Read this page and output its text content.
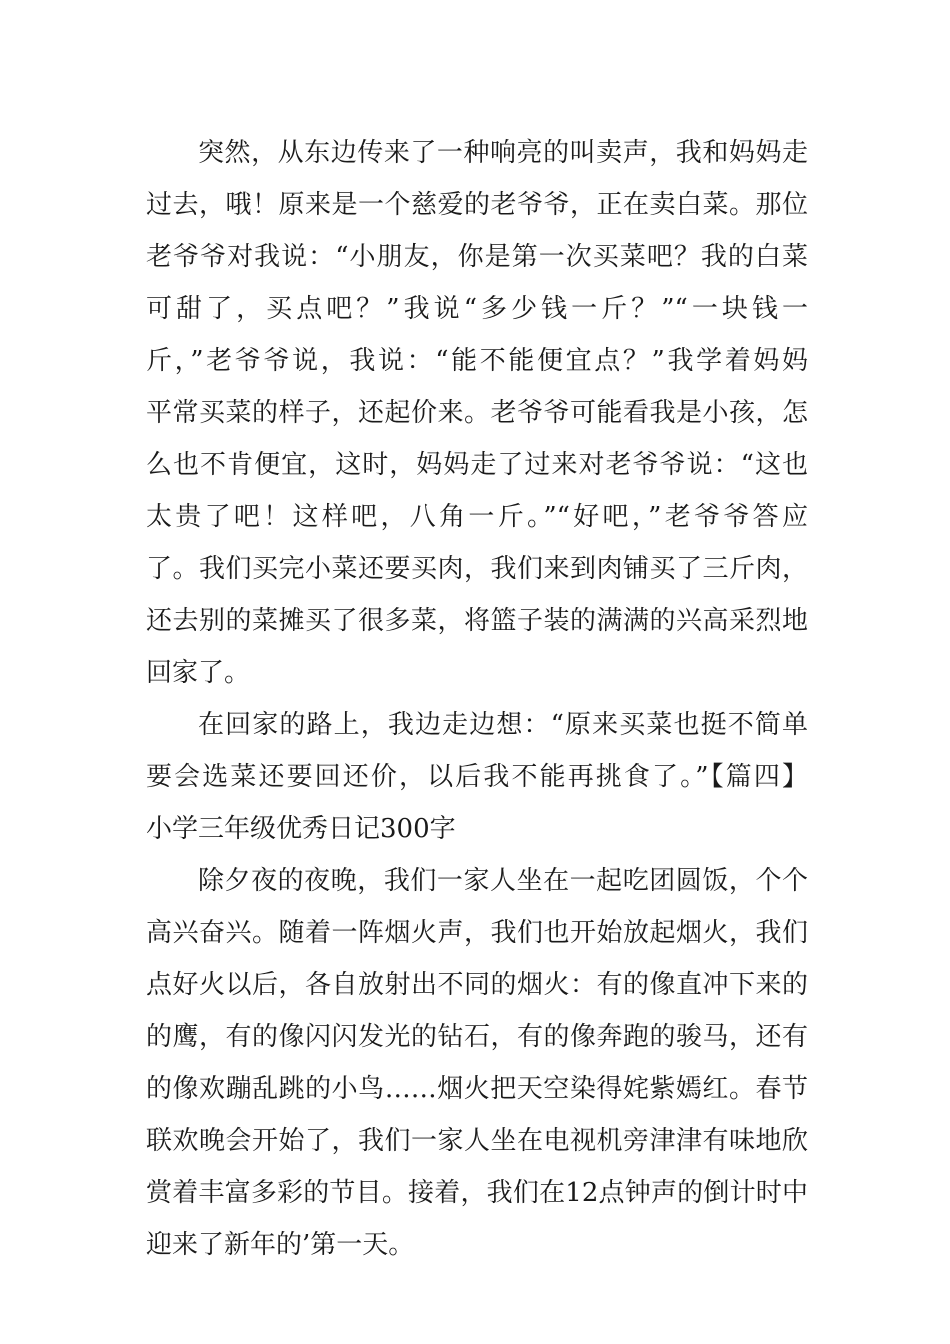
突然，从东边传来了一种响亮的叫卖声，我和妈妈走
过去，哦！原来是一个慈爱的老爷爷，正在卖白菜。那位
老爷爷对我说：“小朋友，你是第一次买菜吧？我的白菜
可甜了，买点吧？”我说“多少钱一斤？”“一块钱一
斤，”老爷爷说，我说：“能不能便宜点？”我学着妈妈
平常买菜的样子，还起价来。老爷爷可能看我是小孩，怎
么也不肯便宜，这时，妈妈走了过来对老爷爷说：“这也
太贵了吧！这样吧，八角一斤。”“好吧，”老爷爷答应
了。我们买完小菜还要买肉，我们来到肉铺买了三斤肉，
还去别的菜摊买了很多菜，将篮子装的满满的兴高采烈地
回家了。
在回家的路上，我边走边想：“原来买菜也挺不简单
要会选菜还要回还价，以后我不能再挑食了。”【篇四】
小学三年级优秀日记300字
除夕夜的夜晚，我们一家人坐在一起吃团圆饭，个个
高兴奋兴。随着一阵烟火声，我们也开始放起烟火，我们
点好火以后，各自放射出不同的烟火：有的像直冲下来的
的鹰，有的像闪闪发光的钻石，有的像奔跑的骏马，还有
的像欢蹦乱跳的小鸟……烟火把天空染得姹紫嫣红。春节
联欢晚会开始了，我们一家人坐在电视机旁津津有味地欣
赏着丰富多彩的节目。接着，我们在12点钟声的倒计时中
迎来了新年的’第一天。
